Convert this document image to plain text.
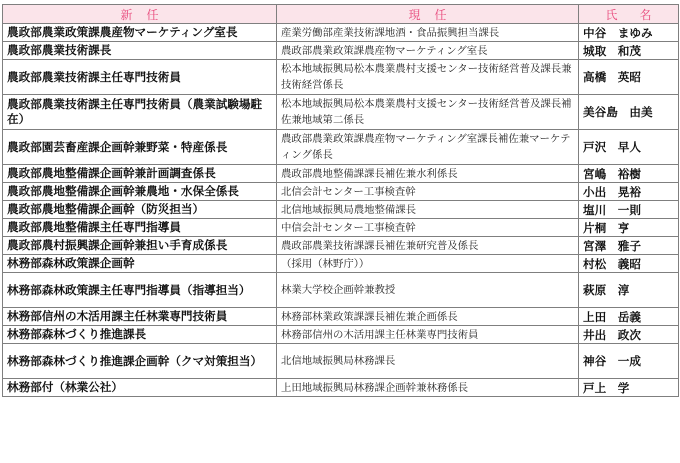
新任	現任	氏名
農政部農業政策課農産物マーケティング室長	産業労働部産業技術課地酒・食品振興担当課長	中谷　まゆみ
農政部農業技術課長	農政部農業政策課農産物マーケティング室長	城取　和茂
農政部農業技術課主任専門技術員	松本地域振興局松本農業農村支援センター技術経営普及課長兼技術経営係長	高橋　英昭
農政部農業技術課主任専門技術員（農業試験場駐在）	松本地域振興局松本農業農村支援センター技術経営普及課長補佐兼地域第二係長	美谷島　由美
農政部園芸畜産課企画幹兼野菜・特産係長	農政部農業政策課農産物マーケティング室課長補佐兼マーケティング係長	戸沢　早人
農政部農地整備課企画幹兼計画調査係長	農政部農地整備課課長補佐兼水利係長	宮嶋　裕樹
農政部農地整備課企画幹兼農地・水保全係長	北信会計センター工事検査幹	小出　晃裕
農政部農地整備課企画幹（防災担当）	北信地域振興局農地整備課長	塩川　一則
農政部農地整備課主任専門指導員	中信会計センター工事検査幹	片桐　亨
農政部農村振興課企画幹兼担い手育成係長	農政部農業技術課課長補佐兼研究普及係長	宮澤　雅子
林務部森林政策課企画幹	（採用（林野庁））	村松　義昭
林務部森林政策課主任専門指導員（指導担当）	林業大学校企画幹兼教授	萩原　淳
林務部信州の木活用課主任林業専門技術員	林務部林業政策課課長補佐兼企画係長	上田　岳義
林務部森林づくり推進課長	林務部信州の木活用課主任林業専門技術員	井出　政次
林務部森林づくり推進課企画幹（クマ対策担当）	北信地域振興局林務課長	神谷　一成
林務部付（林業公社）	上田地域振興局林務課企画幹兼林務係長	戸上　学
